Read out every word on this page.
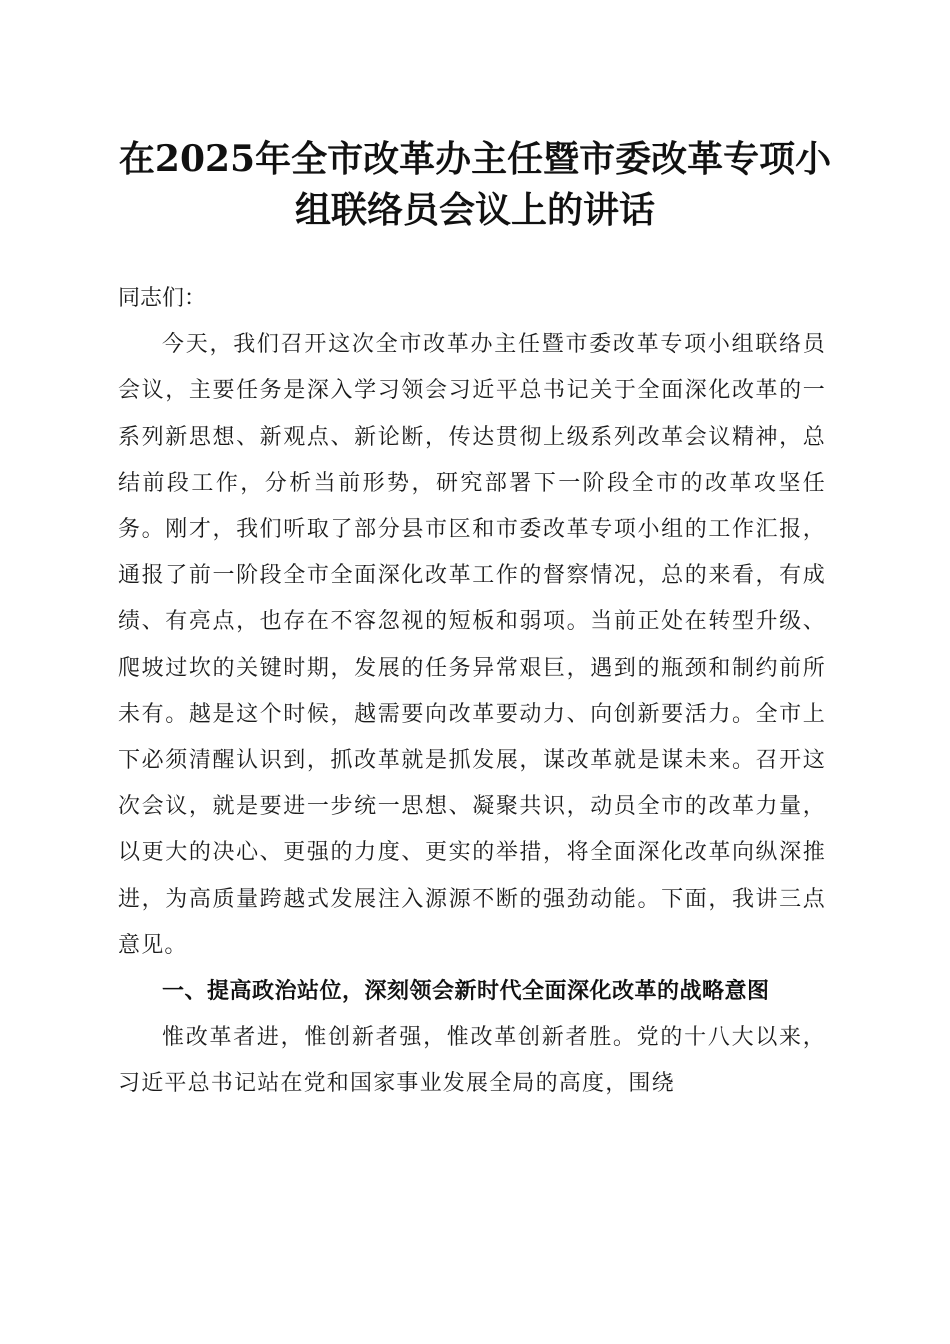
在2025年全市改革办主任暨市委改革专项小
组联络员会议上的讲话

同志们：

今天，我们召开这次全市改革办主任暨市委改革专项小组联络员会议，主要任务是深入学习领会习近平总书记关于全面深化改革的一系列新思想、新观点、新论断，传达贯彻上级系列改革会议精神，总结前段工作，分析当前形势，研究部署下一阶段全市的改革攻坚任务。刚才，我们听取了部分县市区和市委改革专项小组的工作汇报，通报了前一阶段全市全面深化改革工作的督察情况，总的来看，有成绩、有亮点，也存在不容忽视的短板和弱项。当前正处在转型升级、爬坡过坎的关键时期，发展的任务异常艰巨，遇到的瓶颈和制约前所未有。越是这个时候，越需要向改革要动力、向创新要活力。全市上下必须清醒认识到，抓改革就是抓发展，谋改革就是谋未来。召开这次会议，就是要进一步统一思想、凝聚共识，动员全市的改革力量，以更大的决心、更强的力度、更实的举措，将全面深化改革向纵深推进，为高质量跨越式发展注入源源不断的强劲动能。下面，我讲三点意见。

一、提高政治站位，深刻领会新时代全面深化改革的战略意图

惟改革者进，惟创新者强，惟改革创新者胜。党的十八大以来，习近平总书记站在党和国家事业发展全局的高度，围绕
